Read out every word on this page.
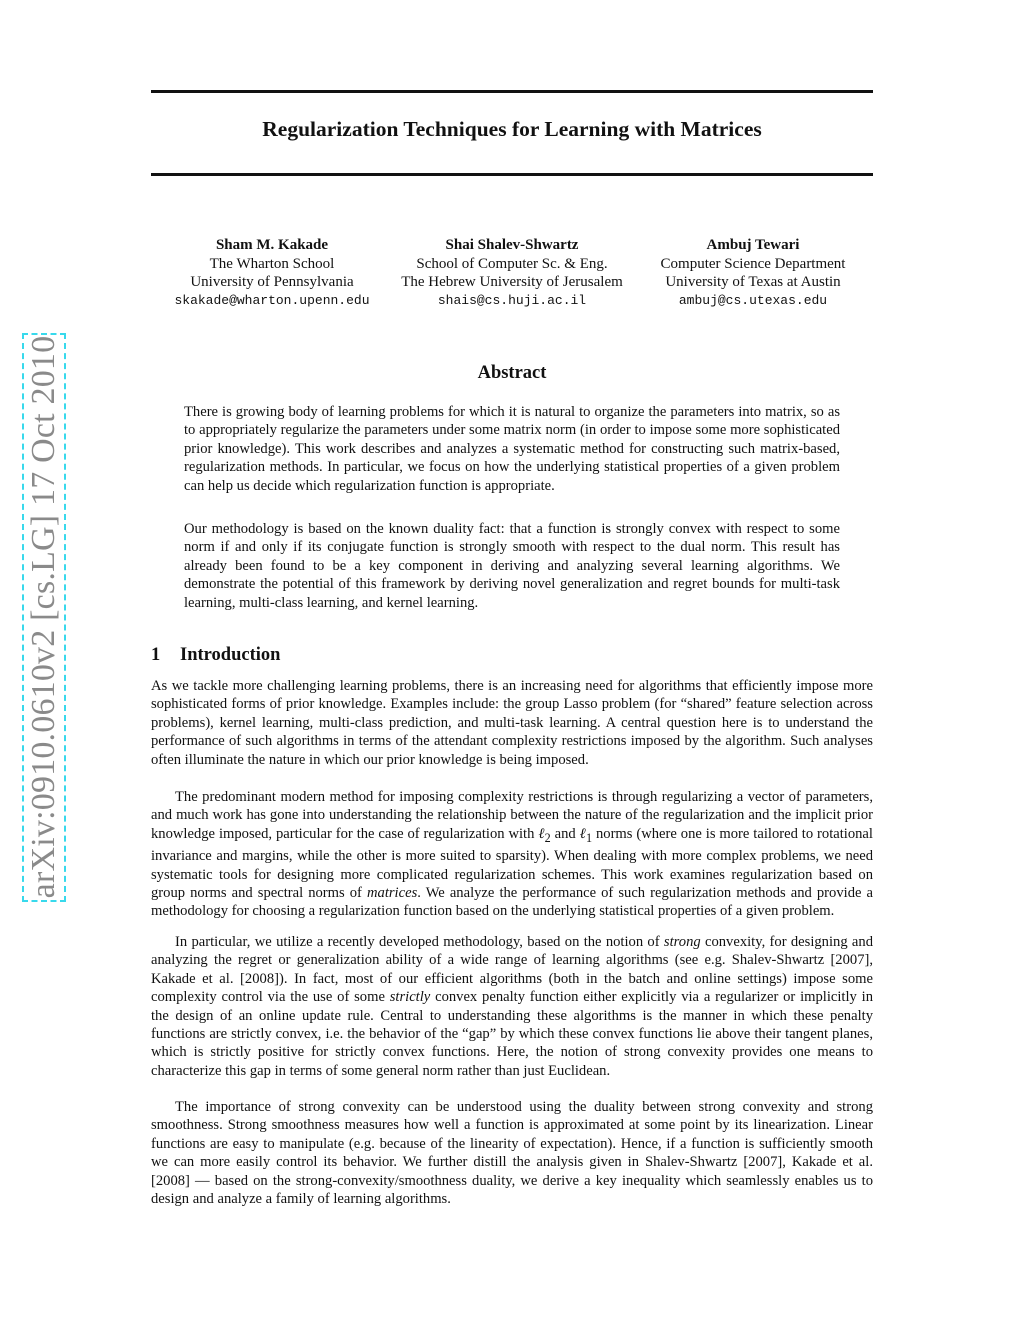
Regularization Techniques for Learning with Matrices
Sham M. Kakade
The Wharton School
University of Pennsylvania
skakade@wharton.upenn.edu
Shai Shalev-Shwartz
School of Computer Sc. & Eng.
The Hebrew University of Jerusalem
shais@cs.huji.ac.il
Ambuj Tewari
Computer Science Department
University of Texas at Austin
ambuj@cs.utexas.edu
arXiv:0910.0610v2 [cs.LG] 17 Oct 2010	Abstract

There is growing body of learning problems for which it is natural to organize the parameters into matrix, so as to appropriately regularize the parameters under some matrix norm (in order to impose some more sophisticated prior knowledge). This work describes and analyzes a systematic method for constructing such matrix-based, regularization methods. In particular, we focus on how the underlying statistical properties of a given problem can help us decide which regularization function is appropriate.

Our methodology is based on the known duality fact: that a function is strongly convex with respect to some norm if and only if its conjugate function is strongly smooth with respect to the dual norm. This result has already been found to be a key component in deriving and analyzing several learning algorithms. We demonstrate the potential of this framework by deriving novel generalization and regret bounds for multi-task learning, multi-class learning, and kernel learning.

1 Introduction

As we tackle more challenging learning problems, there is an increasing need for algorithms that efficiently impose more sophisticated forms of prior knowledge. Examples include: the group Lasso problem (for “shared” feature selection across problems), kernel learning, multi-class prediction, and multi-task learning. A central question here is to understand the performance of such algorithms in terms of the attendant complexity restrictions imposed by the algorithm. Such analyses often illuminate the nature in which our prior knowledge is being imposed.

The predominant modern method for imposing complexity restrictions is through regularizing a vector of parameters, and much work has gone into understanding the relationship between the nature of the regularization and the implicit prior knowledge imposed, particular for the case of regularization with ℓ$_2$ and ℓ$_1$ norms (where one is more tailored to rotational invariance and margins, while the other is more suited to sparsity). When dealing with more complex problems, we need systematic tools for designing more complicated regularization schemes. This work examines regularization based on group norms and spectral norms of matrices. We analyze the performance of such regularization methods and provide a methodology for choosing a regularization function based on the underlying statistical properties of a given problem.

In particular, we utilize a recently developed methodology, based on the notion of strong convexity, for designing and analyzing the regret or generalization ability of a wide range of learning algorithms (see e.g. Shalev-Shwartz [2007], Kakade et al. [2008]). In fact, most of our efficient algorithms (both in the batch and online settings) impose some complexity control via the use of some strictly convex penalty function either explicitly via a regularizer or implicitly in the design of an online update rule. Central to understanding these algorithms is the manner in which these penalty functions are strictly convex, i.e. the behavior of the “gap” by which these convex functions lie above their tangent planes, which is strictly positive for strictly convex functions. Here, the notion of strong convexity provides one means to characterize this gap in terms of some general norm rather than just Euclidean.

The importance of strong convexity can be understood using the duality between strong convexity and strong smoothness. Strong smoothness measures how well a function is approximated at some point by its linearization. Linear functions are easy to manipulate (e.g. because of the linearity of expectation). Hence, if a function is sufficiently smooth we can more easily control its behavior. We further distill the analysis given in Shalev-Shwartz [2007], Kakade et al. [2008] — based on the strong-convexity/smoothness duality, we derive a key inequality which seamlessly enables us to design and analyze a family of learning algorithms.
